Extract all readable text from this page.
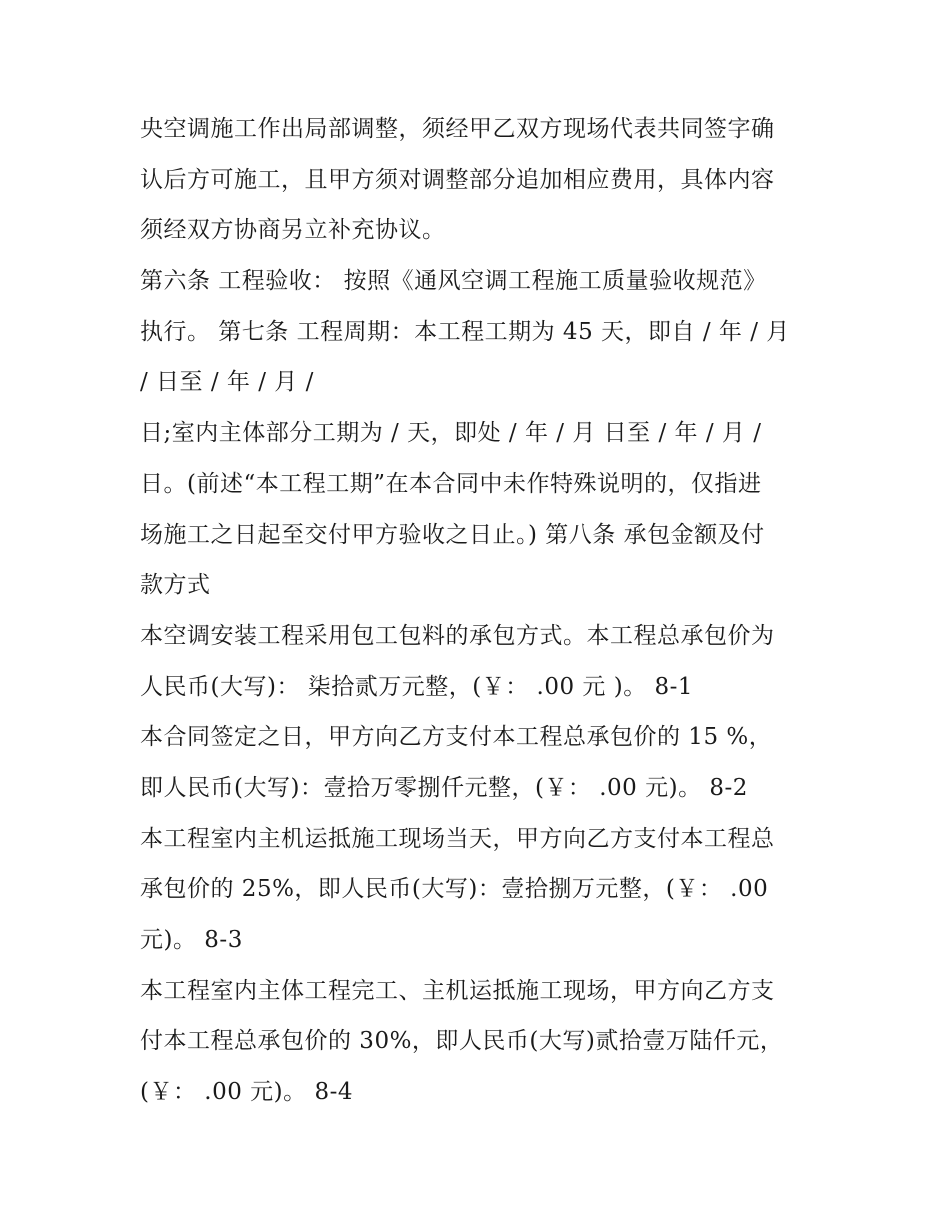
央空调施工作出局部调整，须经甲乙双方现场代表共同签字确
认后方可施工，且甲方须对调整部分追加相应费用，具体内容
须经双方协商另立补充协议。
第六条 工程验收： 按照《通风空调工程施工质量验收规范》
执行。 第七条 工程周期：本工程工期为 45 天，即自 / 年 / 月
/ 日至 / 年 / 月 /
日;室内主体部分工期为 / 天，即处 / 年 / 月 日至 / 年 / 月 /
日。(前述“本工程工期”在本合同中未作特殊说明的，仅指进
场施工之日起至交付甲方验收之日止。) 第八条 承包金额及付
款方式
本空调安装工程采用包工包料的承包方式。本工程总承包价为
人民币(大写)： 柒拾贰万元整，(￥： .00 元 )。 8-1
本合同签定之日，甲方向乙方支付本工程总承包价的 15 %，
即人民币(大写)：壹拾万零捌仟元整，(￥： .00 元)。 8-2
本工程室内主机运抵施工现场当天，甲方向乙方支付本工程总
承包价的 25%，即人民币(大写)：壹拾捌万元整，(￥： .00
元)。 8-3
本工程室内主体工程完工、主机运抵施工现场，甲方向乙方支
付本工程总承包价的 30%，即人民币(大写)贰拾壹万陆仟元，
(￥： .00 元)。 8-4
